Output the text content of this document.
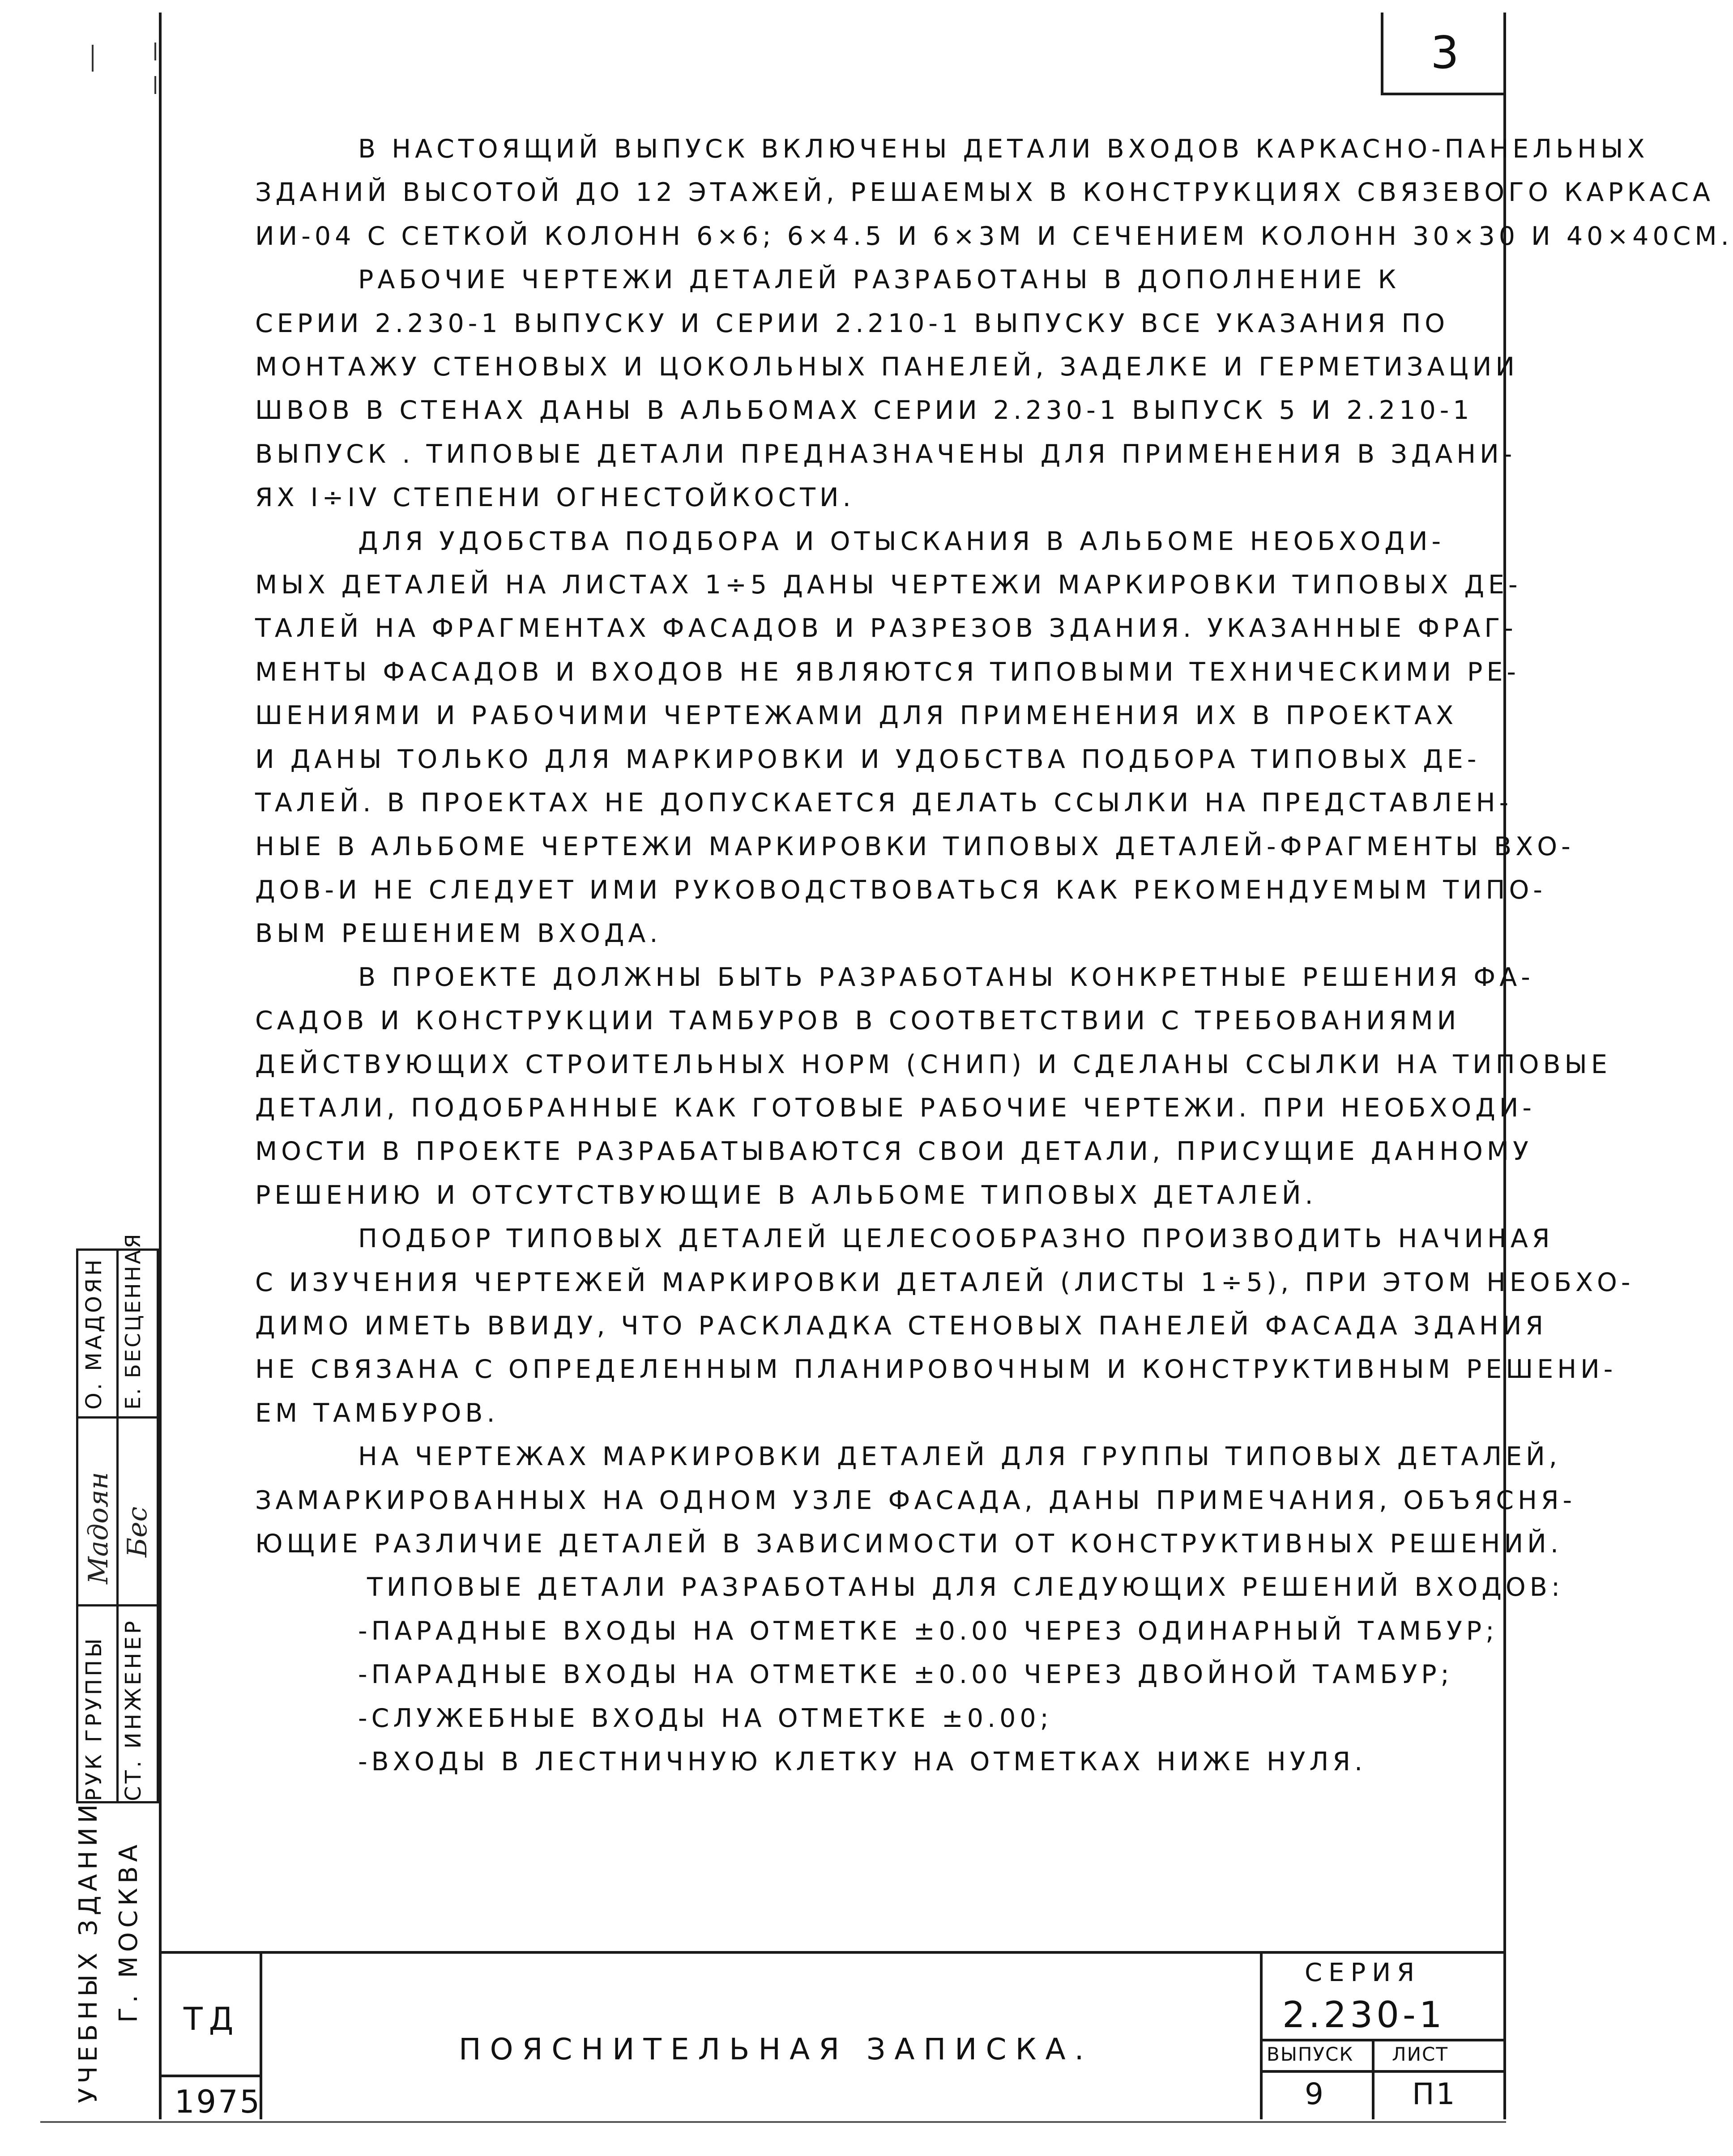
3

В НАСТОЯЩИЙ ВЫПУСК ВКЛЮЧЕНЫ ДЕТАЛИ ВХОДОВ КАРКАСНО-ПАНЕЛЬНЫХ

ЗДАНИЙ ВЫСОТОЙ ДО 12 ЭТАЖЕЙ, РЕШАЕМЫХ В КОНСТРУКЦИЯХ СВЯЗЕВОГО КАРКАСА

ИИ-04 С СЕТКОЙ КОЛОНН 6×6; 6×4.5 И 6×3М И СЕЧЕНИЕМ КОЛОНН 30×30 И 40×40СМ.

РАБОЧИЕ ЧЕРТЕЖИ ДЕТАЛЕЙ РАЗРАБОТАНЫ В ДОПОЛНЕНИЕ К

СЕРИИ 2.230-1 ВЫПУСКУ И СЕРИИ 2.210-1 ВЫПУСКУ ВСЕ УКАЗАНИЯ ПО

МОНТАЖУ СТЕНОВЫХ И ЦОКОЛЬНЫХ ПАНЕЛЕЙ, ЗАДЕЛКЕ И ГЕРМЕТИЗАЦИИ

ШВОВ В СТЕНАХ ДАНЫ В АЛЬБОМАХ СЕРИИ 2.230-1 ВЫПУСК 5 И 2.210-1

ВЫПУСК . ТИПОВЫЕ ДЕТАЛИ ПРЕДНАЗНАЧЕНЫ ДЛЯ ПРИМЕНЕНИЯ В ЗДАНИ-

ЯХ I÷IV СТЕПЕНИ ОГНЕСТОЙКОСТИ.

ДЛЯ УДОБСТВА ПОДБОРА И ОТЫСКАНИЯ В АЛЬБОМЕ НЕОБХОДИ-

МЫХ ДЕТАЛЕЙ НА ЛИСТАХ 1÷5 ДАНЫ ЧЕРТЕЖИ МАРКИРОВКИ ТИПОВЫХ ДЕ-

ТАЛЕЙ НА ФРАГМЕНТАХ ФАСАДОВ И РАЗРЕЗОВ ЗДАНИЯ. УКАЗАННЫЕ ФРАГ-

МЕНТЫ ФАСАДОВ И ВХОДОВ НЕ ЯВЛЯЮТСЯ ТИПОВЫМИ ТЕХНИЧЕСКИМИ РЕ-

ШЕНИЯМИ И РАБОЧИМИ ЧЕРТЕЖАМИ ДЛЯ ПРИМЕНЕНИЯ ИХ В ПРОЕКТАХ

И ДАНЫ ТОЛЬКО ДЛЯ МАРКИРОВКИ И УДОБСТВА ПОДБОРА ТИПОВЫХ ДЕ-

ТАЛЕЙ. В ПРОЕКТАХ НЕ ДОПУСКАЕТСЯ ДЕЛАТЬ ССЫЛКИ НА ПРЕДСТАВЛЕН-

НЫЕ В АЛЬБОМЕ ЧЕРТЕЖИ МАРКИРОВКИ ТИПОВЫХ ДЕТАЛЕЙ-ФРАГМЕНТЫ ВХО-

ДОВ-И НЕ СЛЕДУЕТ ИМИ РУКОВОДСТВОВАТЬСЯ КАК РЕКОМЕНДУЕМЫМ ТИПО-

ВЫМ РЕШЕНИЕМ ВХОДА.

В ПРОЕКТЕ ДОЛЖНЫ БЫТЬ РАЗРАБОТАНЫ КОНКРЕТНЫЕ РЕШЕНИЯ ФА-

САДОВ И КОНСТРУКЦИИ ТАМБУРОВ В СООТВЕТСТВИИ С ТРЕБОВАНИЯМИ

ДЕЙСТВУЮЩИХ СТРОИТЕЛЬНЫХ НОРМ (СНИП) И СДЕЛАНЫ ССЫЛКИ НА ТИПОВЫЕ

ДЕТАЛИ, ПОДОБРАННЫЕ КАК ГОТОВЫЕ РАБОЧИЕ ЧЕРТЕЖИ. ПРИ НЕОБХОДИ-

МОСТИ В ПРОЕКТЕ РАЗРАБАТЫВАЮТСЯ СВОИ ДЕТАЛИ, ПРИСУЩИЕ ДАННОМУ

РЕШЕНИЮ И ОТСУТСТВУЮЩИЕ В АЛЬБОМЕ ТИПОВЫХ ДЕТАЛЕЙ.

ПОДБОР ТИПОВЫХ ДЕТАЛЕЙ ЦЕЛЕСООБРАЗНО ПРОИЗВОДИТЬ НАЧИНАЯ

С ИЗУЧЕНИЯ ЧЕРТЕЖЕЙ МАРКИРОВКИ ДЕТАЛЕЙ (ЛИСТЫ 1÷5), ПРИ ЭТОМ НЕОБХО-

ДИМО ИМЕТЬ ВВИДУ, ЧТО РАСКЛАДКА СТЕНОВЫХ ПАНЕЛЕЙ ФАСАДА ЗДАНИЯ

НЕ СВЯЗАНА С ОПРЕДЕЛЕННЫМ ПЛАНИРОВОЧНЫМ И КОНСТРУКТИВНЫМ РЕШЕНИ-

ЕМ ТАМБУРОВ.

НА ЧЕРТЕЖАХ МАРКИРОВКИ ДЕТАЛЕЙ ДЛЯ ГРУППЫ ТИПОВЫХ ДЕТАЛЕЙ,

ЗАМАРКИРОВАННЫХ НА ОДНОМ УЗЛЕ ФАСАДА, ДАНЫ ПРИМЕЧАНИЯ, ОБЪЯСНЯ-

ЮЩИЕ РАЗЛИЧИЕ ДЕТАЛЕЙ В ЗАВИСИМОСТИ ОТ КОНСТРУКТИВНЫХ РЕШЕНИЙ.

ТИПОВЫЕ ДЕТАЛИ РАЗРАБОТАНЫ ДЛЯ СЛЕДУЮЩИХ РЕШЕНИЙ ВХОДОВ:

-ПАРАДНЫЕ ВХОДЫ НА ОТМЕТКЕ ±0.00 ЧЕРЕЗ ОДИНАРНЫЙ ТАМБУР;

-ПАРАДНЫЕ ВХОДЫ НА ОТМЕТКЕ ±0.00 ЧЕРЕЗ ДВОЙНОЙ ТАМБУР;

-СЛУЖЕБНЫЕ ВХОДЫ НА ОТМЕТКЕ ±0.00;

-ВХОДЫ В ЛЕСТНИЧНУЮ КЛЕТКУ НА ОТМЕТКАХ НИЖЕ НУЛЯ.

УЧЕБНЫХ ЗДАНИИ Г. МОСКВА
РУК ГРУППЫ СТ. ИНЖЕНЕР
Мадоян Бес
О. МАДОЯН Е. БЕСЦЕННАЯ
ТД
1975
ПОЯСНИТЕЛЬНАЯ ЗАПИСКА.
СЕРИЯ
2.230-1
ВЫПУСК ЛИСТ
9	П1
